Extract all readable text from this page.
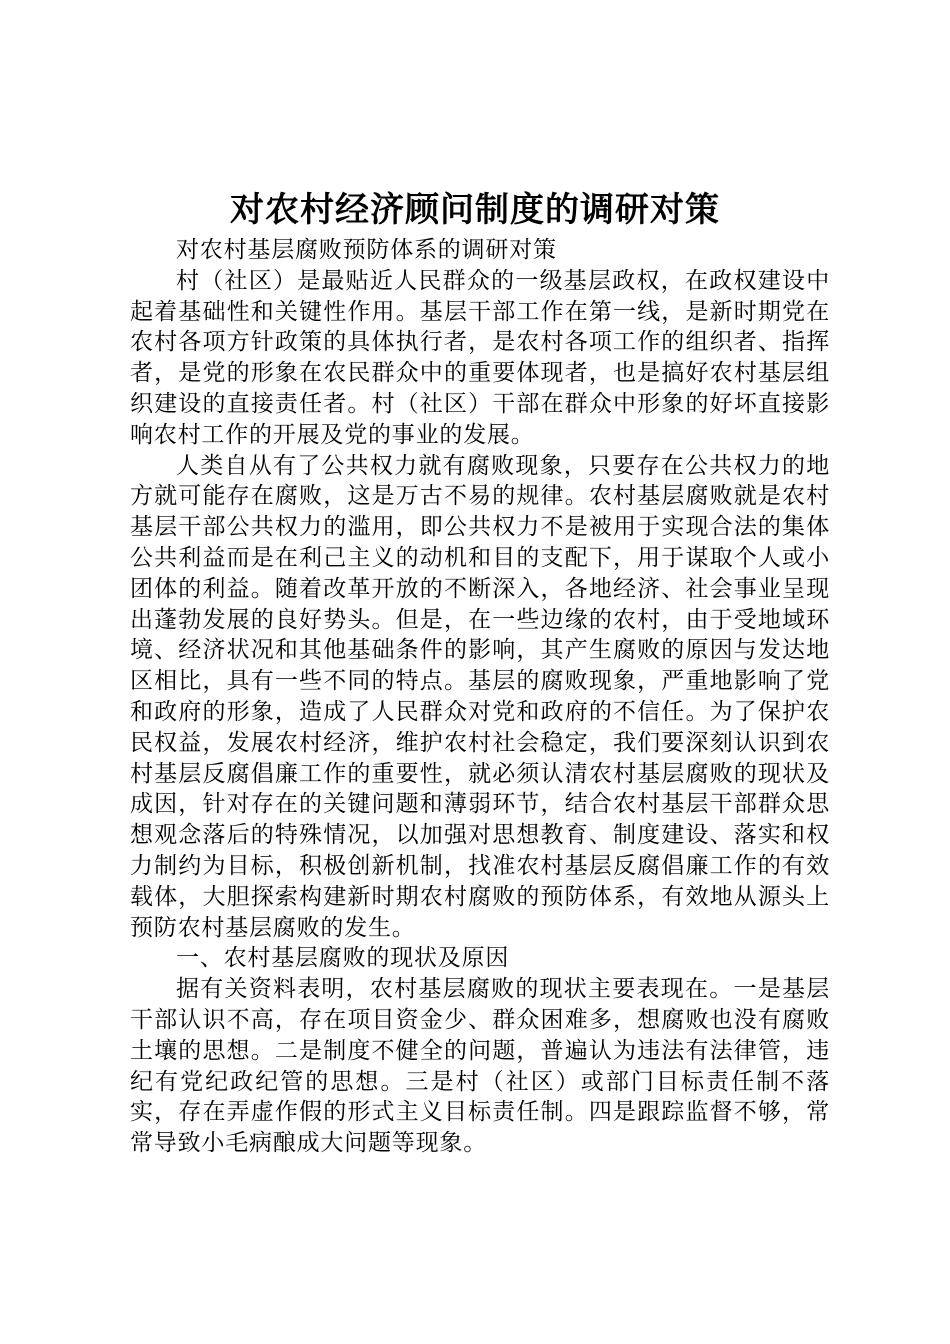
对农村经济顾问制度的调研对策

对农村基层腐败预防体系的调研对策

村（社区）是最贴近人民群众的一级基层政权，在政权建设中起着基础性和关键性作用。基层干部工作在第一线，是新时期党在农村各项方针政策的具体执行者，是农村各项工作的组织者、指挥者，是党的形象在农民群众中的重要体现者，也是搞好农村基层组织建设的直接责任者。村（社区）干部在群众中形象的好坏直接影响农村工作的开展及党的事业的发展。

人类自从有了公共权力就有腐败现象，只要存在公共权力的地方就可能存在腐败，这是万古不易的规律。农村基层腐败就是农村基层干部公共权力的滥用，即公共权力不是被用于实现合法的集体公共利益而是在利己主义的动机和目的支配下，用于谋取个人或小团体的利益。随着改革开放的不断深入，各地经济、社会事业呈现出蓬勃发展的良好势头。但是，在一些边缘的农村，由于受地域环境、经济状况和其他基础条件的影响，其产生腐败的原因与发达地区相比，具有一些不同的特点。基层的腐败现象，严重地影响了党和政府的形象，造成了人民群众对党和政府的不信任。为了保护农民权益，发展农村经济，维护农村社会稳定，我们要深刻认识到农村基层反腐倡廉工作的重要性，就必须认清农村基层腐败的现状及成因，针对存在的关键问题和薄弱环节，结合农村基层干部群众思想观念落后的特殊情况，以加强对思想教育、制度建设、落实和权力制约为目标，积极创新机制，找准农村基层反腐倡廉工作的有效载体，大胆探索构建新时期农村腐败的预防体系，有效地从源头上预防农村基层腐败的发生。

一、农村基层腐败的现状及原因

据有关资料表明，农村基层腐败的现状主要表现在。一是基层干部认识不高，存在项目资金少、群众困难多，想腐败也没有腐败土壤的思想。二是制度不健全的问题，普遍认为违法有法律管，违纪有党纪政纪管的思想。三是村（社区）或部门目标责任制不落实，存在弄虚作假的形式主义目标责任制。四是跟踪监督不够，常常导致小毛病酿成大问题等现象。
